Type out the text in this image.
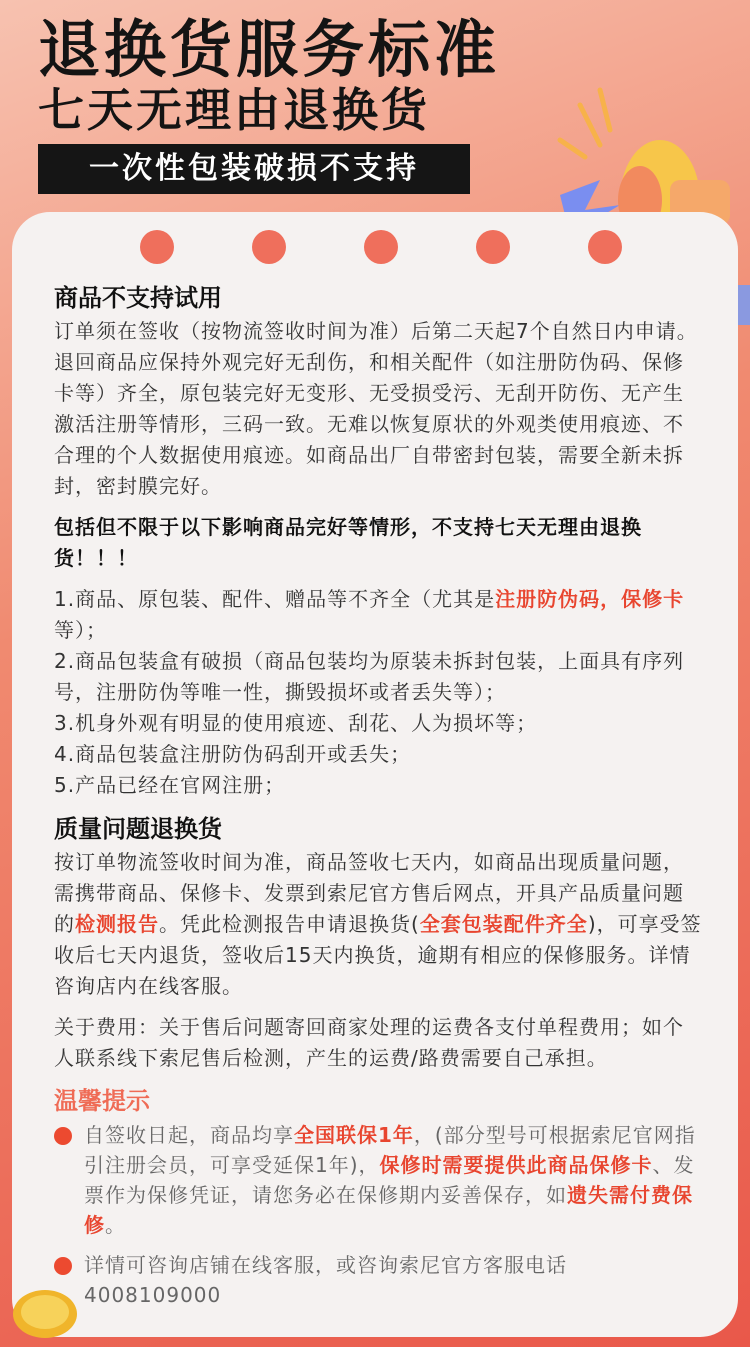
退换货服务标准
七天无理由退换货
一次性包装破损不支持
商品不支持试用

订单须在签收（按物流签收时间为准）后第二天起7个自然日内申请。退回商品应保持外观完好无刮伤，和相关配件（如注册防伪码、保修卡等）齐全，原包装完好无变形、无受损受污、无刮开防伤、无产生激活注册等情形，三码一致。无难以恢复原状的外观类使用痕迹、不合理的个人数据使用痕迹。如商品出厂自带密封包装，需要全新未拆封，密封膜完好。

包括但不限于以下影响商品完好等情形，不支持七天无理由退换货！！！

1.商品、原包装、配件、赠品等不齐全（尤其是注册防伪码，保修卡等）；

2.商品包装盒有破损（商品包装均为原装未拆封包装，上面具有序列号，注册防伪等唯一性，撕毁损坏或者丢失等）；

3.机身外观有明显的使用痕迹、刮花、人为损坏等；

4.商品包装盒注册防伪码刮开或丢失；

5.产品已经在官网注册；

质量问题退换货

按订单物流签收时间为准，商品签收七天内，如商品出现质量问题，需携带商品、保修卡、发票到索尼官方售后网点，开具产品质量问题的检测报告。凭此检测报告申请退换货(全套包装配件齐全)，可享受签收后七天内退货，签收后15天内换货，逾期有相应的保修服务。详情咨询店内在线客服。

关于费用：关于售后问题寄回商家处理的运费各支付单程费用；如个人联系线下索尼售后检测，产生的运费/路费需要自己承担。

温馨提示
自签收日起，商品均享全国联保1年，(部分型号可根据索尼官网指引注册会员，可享受延保1年)，保修时需要提供此商品保修卡、发票作为保修凭证，请您务必在保修期内妥善保存，如遗失需付费保修。
详情可咨询店铺在线客服，或咨询索尼官方客服电话4008109000
